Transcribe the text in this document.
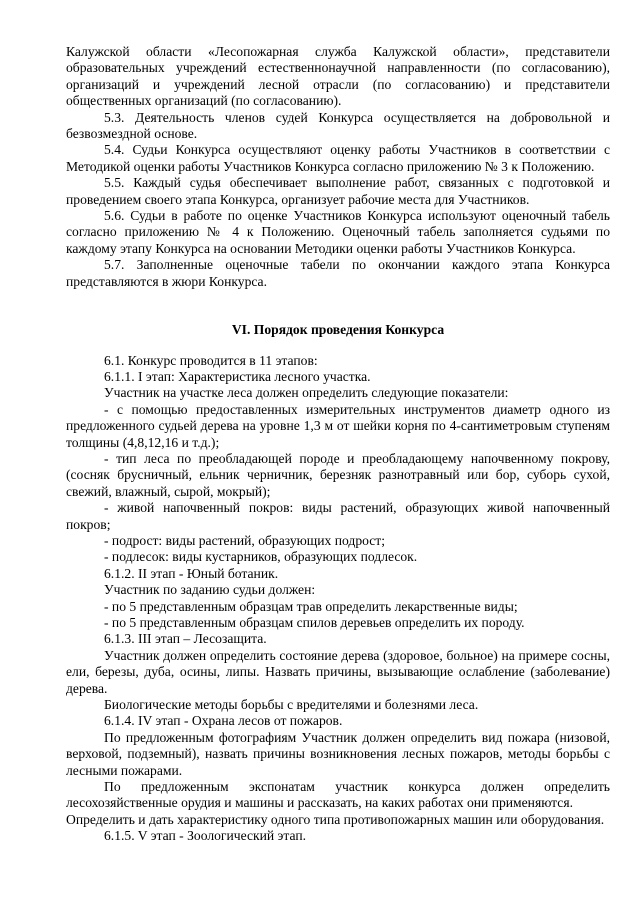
Калужской области «Лесопожарная служба Калужской области», представители образовательных учреждений естественнонаучной направленности (по согласованию), организаций и учреждений лесной отрасли (по согласованию) и представители общественных организаций (по согласованию).

5.3. Деятельность членов судей Конкурса осуществляется на добровольной и безвозмездной основе.

5.4. Судьи Конкурса осуществляют оценку работы Участников в соответствии с Методикой оценки работы Участников Конкурса согласно приложению № 3 к Положению.

5.5. Каждый судья обеспечивает выполнение работ, связанных с подготовкой и проведением своего этапа Конкурса, организует рабочие места для Участников.

5.6. Судьи в работе по оценке Участников Конкурса используют оценочный табель согласно приложению № 4 к Положению. Оценочный табель заполняется судьями по каждому этапу Конкурса на основании Методики оценки работы Участников Конкурса.

5.7. Заполненные оценочные табели по окончании каждого этапа Конкурса представляются в жюри Конкурса.

VI. Порядок проведения Конкурса

6.1. Конкурс проводится в 11 этапов:

6.1.1. I этап: Характеристика лесного участка.

Участник на участке леса должен определить следующие показатели:

- с помощью предоставленных измерительных инструментов диаметр одного из предложенного судьей дерева на уровне 1,3 м от шейки корня по 4-сантиметровым ступеням толщины (4,8,12,16 и т.д.);

- тип леса по преобладающей породе и преобладающему напочвенному покрову, (сосняк брусничный, ельник черничник, березняк разнотравный или бор, суборь сухой, свежий, влажный, сырой, мокрый);

- живой напочвенный покров: виды растений, образующих живой напочвенный покров;

- подрост: виды растений, образующих подрост;

- подлесок: виды кустарников, образующих подлесок.

6.1.2. II этап - Юный ботаник.

Участник по заданию судьи должен:

- по 5 представленным образцам трав определить лекарственные виды;

- по 5 представленным образцам спилов деревьев определить их породу.

6.1.3. III этап – Лесозащита.

Участник должен определить состояние дерева (здоровое, больное) на примере сосны, ели, березы, дуба, осины, липы. Назвать причины, вызывающие ослабление (заболевание) дерева.

Биологические методы борьбы с вредителями и болезнями леса.

6.1.4. IV этап - Охрана лесов от пожаров.

По предложенным фотографиям Участник должен определить вид пожара (низовой, верховой, подземный), назвать причины возникновения лесных пожаров, методы борьбы с лесными пожарами.

По предложенным экспонатам участник конкурса должен определить лесохозяйственные орудия и машины и рассказать, на каких работах они применяются.

Определить и дать характеристику одного типа противопожарных машин или оборудования.

6.1.5. V этап - Зоологический этап.
